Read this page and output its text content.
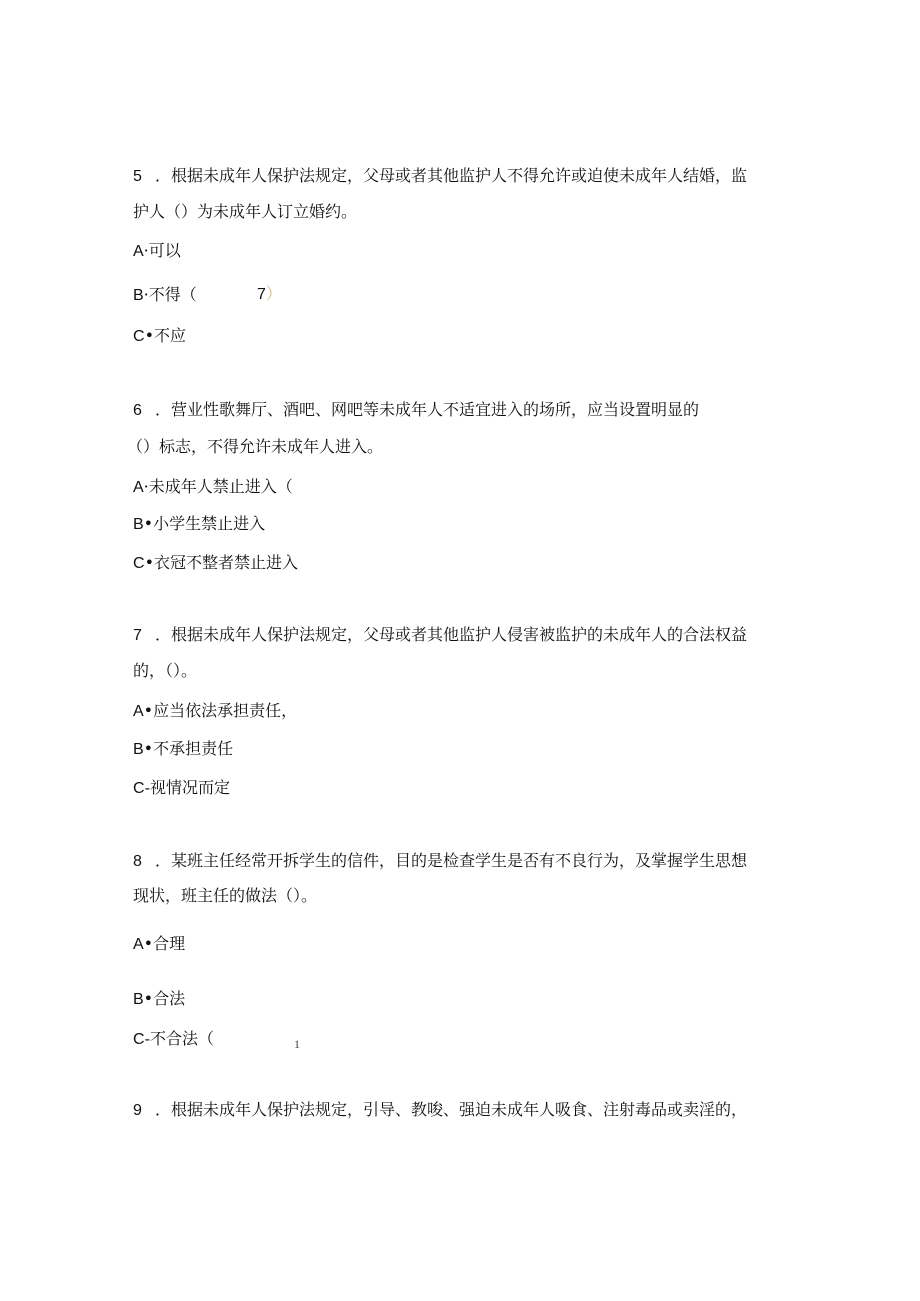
5 ．根据未成年人保护法规定，父母或者其他监护人不得允许或迫使未成年人结婚，监
护人（）为未成年人订立婚约。
A·可以
B·不得（	7）
C•不应
6 ．营业性歌舞厅、酒吧、网吧等未成年人不适宜进入的场所，应当设置明显的
（）标志，不得允许未成年人进入。
A·未成年人禁止进入（
B•小学生禁止进入
C•衣冠不整者禁止进入
7 ．根据未成年人保护法规定，父母或者其他监护人侵害被监护的未成年人的合法权益
的，（）。
A•应当依法承担责任，
B•不承担责任
C-视情况而定
8 ．某班主任经常开拆学生的信件，目的是检查学生是否有不良行为，及掌握学生思想
现状，班主任的做法（）。
A•合理
B•合法
C-不合法（	1
9 ．根据未成年人保护法规定，引导、教唆、强迫未成年人吸食、注射毒品或卖淫的，
